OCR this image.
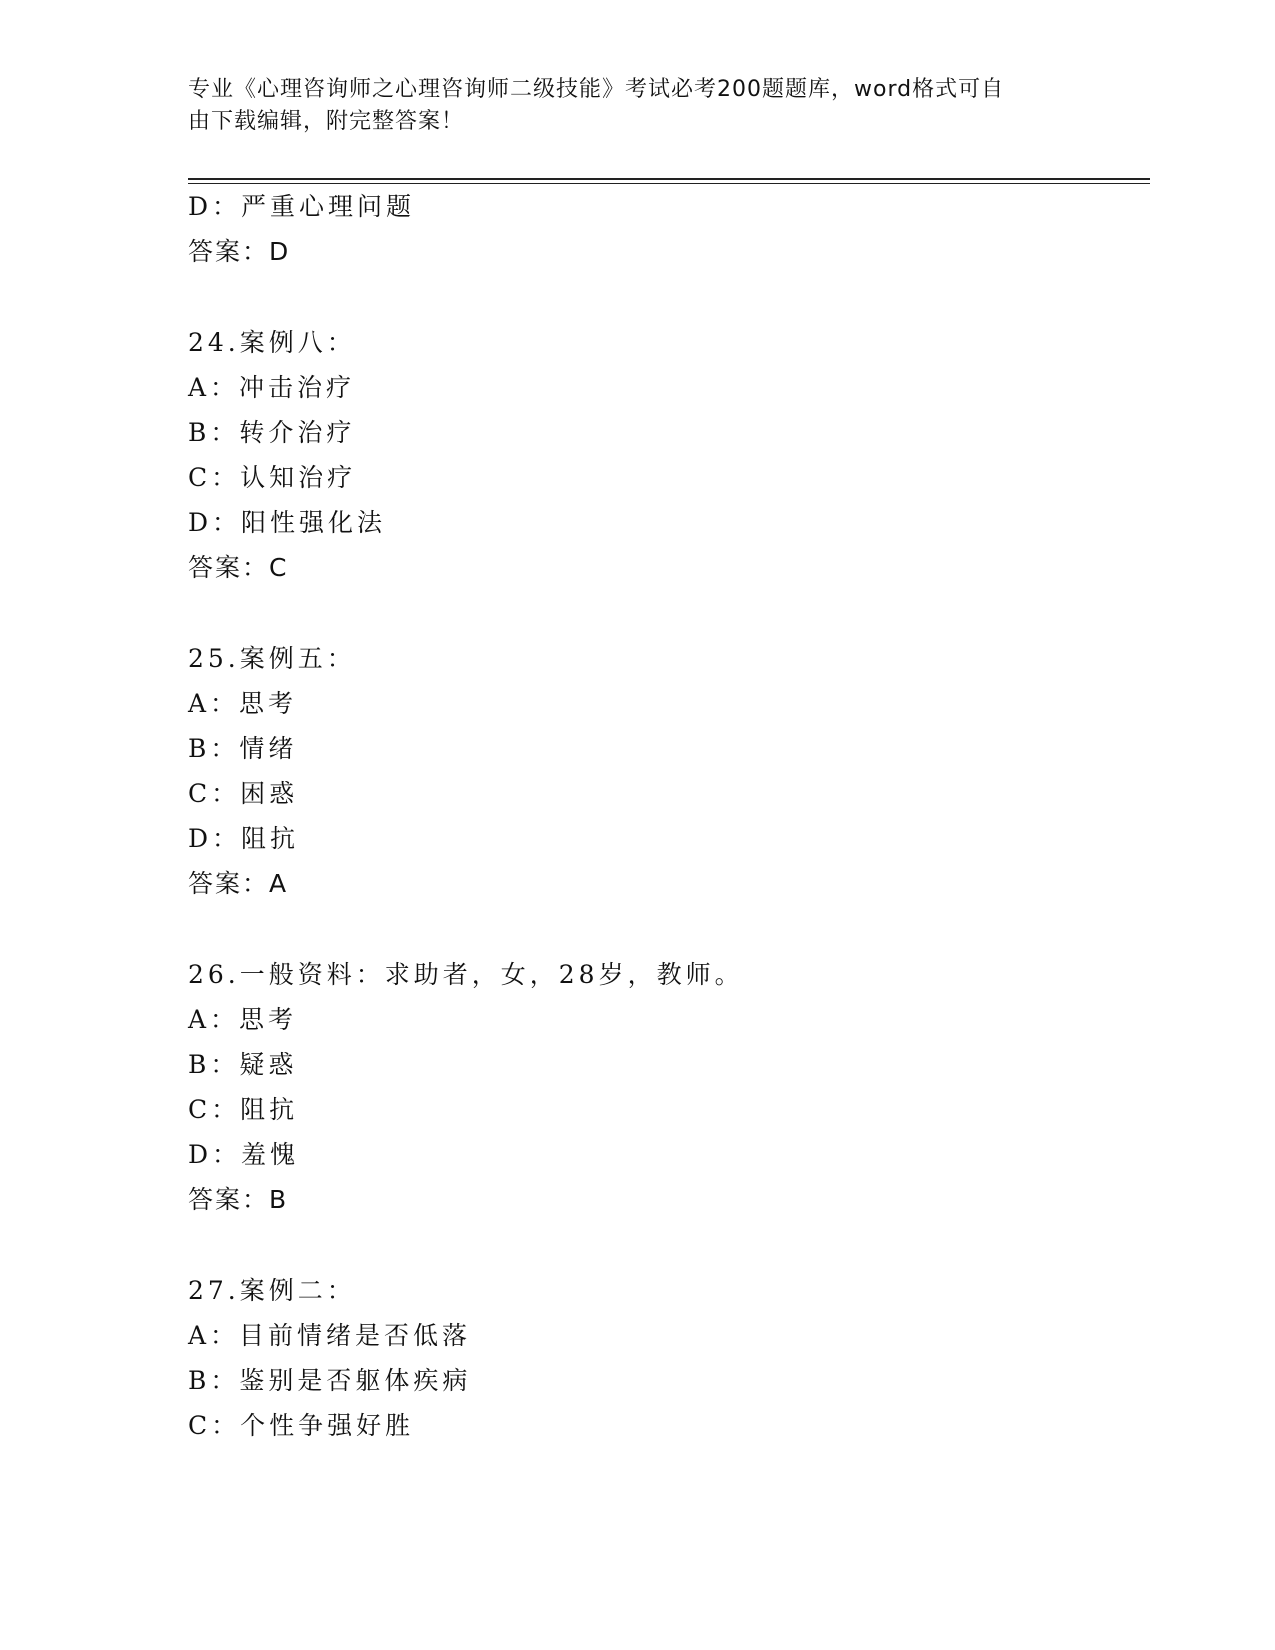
专业《心理咨询师之心理咨询师二级技能》考试必考200题题库，word格式可自
由下载编辑，附完整答案！
D：严重心理问题
答案：D
24.案例八：
A：冲击治疗
B：转介治疗
C：认知治疗
D：阳性强化法
答案：C
25.案例五：
A：思考
B：情绪
C：困惑
D：阻抗
答案：A
26.一般资料：求助者，女，28岁，教师。
A：思考
B：疑惑
C：阻抗
D：羞愧
答案：B
27.案例二：
A：目前情绪是否低落
B：鉴别是否躯体疾病
C：个性争强好胜
